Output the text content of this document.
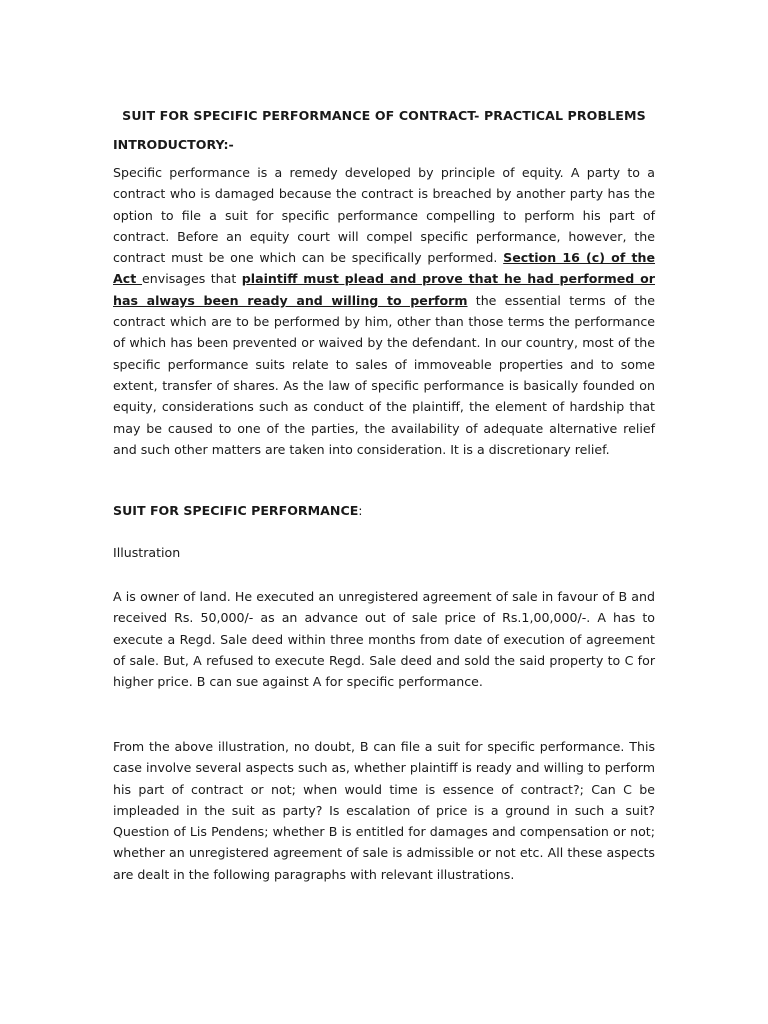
SUIT FOR SPECIFIC PERFORMANCE OF CONTRACT- PRACTICAL PROBLEMS
INTRODUCTORY:-
Specific performance is a remedy developed by principle of equity. A party to a contract who is damaged because the contract is breached by another party has the option to file a suit for specific performance compelling to perform his part of contract. Before an equity court will compel specific performance, however, the contract must be one which can be specifically performed. Section 16 (c) of the Act envisages that plaintiff must plead and prove that he had performed or has always been ready and willing to perform the essential terms of the contract which are to be performed by him, other than those terms the performance of which has been prevented or waived by the defendant. In our country, most of the specific performance suits relate to sales of immoveable properties and to some extent, transfer of shares. As the law of specific performance is basically founded on equity, considerations such as conduct of the plaintiff, the element of hardship that may be caused to one of the parties, the availability of adequate alternative relief and such other matters are taken into consideration. It is a discretionary relief.
SUIT FOR SPECIFIC PERFORMANCE:
Illustration
A is owner of land. He executed an unregistered agreement of sale in favour of B and received Rs. 50,000/- as an advance out of sale price of Rs.1,00,000/-. A has to execute a Regd. Sale deed within three months from date of execution of agreement of sale. But, A refused to execute Regd. Sale deed and sold the said property to C for higher price. B can sue against A for specific performance.
From the above illustration, no doubt, B can file a suit for specific performance. This case involve several aspects such as, whether plaintiff is ready and willing to perform his part of contract or not; when would time is essence of contract?; Can C be impleaded in the suit as party? Is escalation of price is a ground in such a suit? Question of Lis Pendens; whether B is entitled for damages and compensation or not; whether an unregistered agreement of sale is admissible or not etc. All these aspects are dealt in the following paragraphs with relevant illustrations.
